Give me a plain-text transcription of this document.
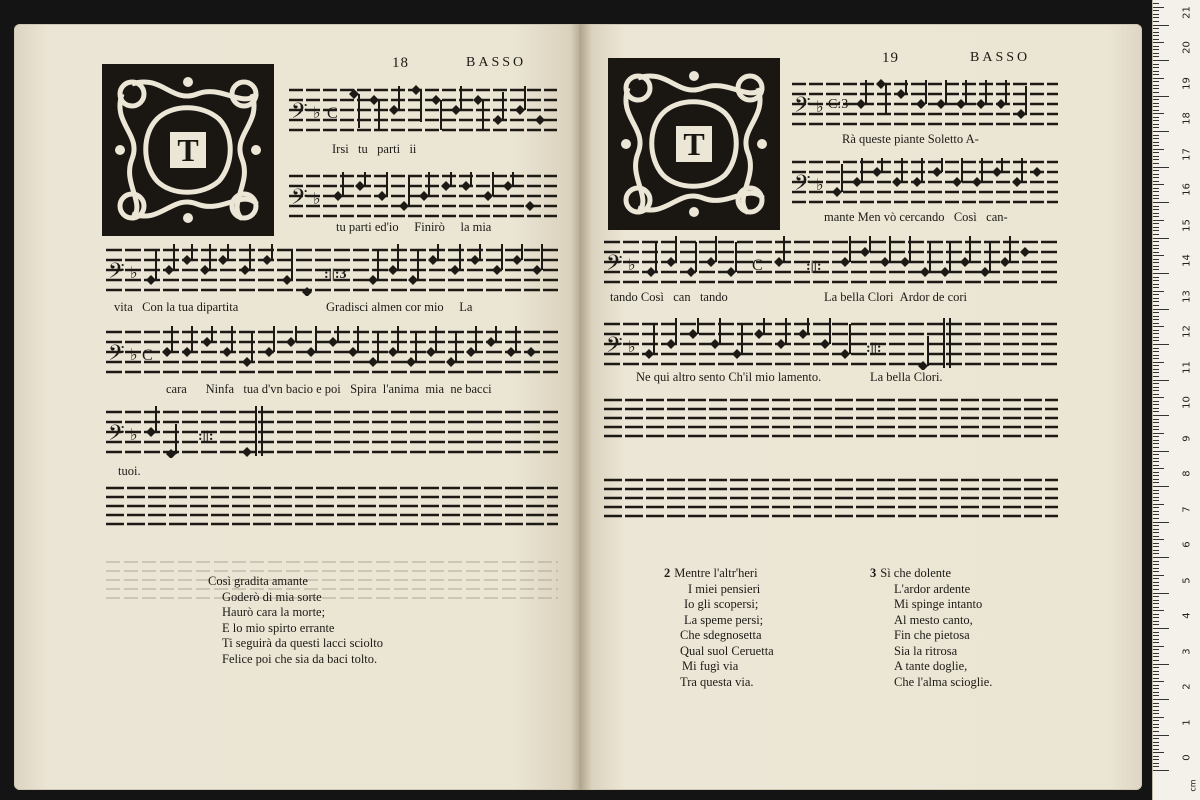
18	BASSO
T
𝄢 ♭ C
Irsi tu parti ii
𝄢 ♭
tu parti ed'io Finirò la mia
𝄢 ♭	:||:3
vita Con la tua dipartita	Gradisci almen cor mio La
𝄢 ♭ C
cara Ninfa tua d'vn bacio e poi Spira l'anima mia ne bacci
𝄢 ♭	:||:
tuoi.
Così gradita amante
Goderò di mia sorte
Haurò cara la morte;
E lo mio spirto errante
Ti seguirà da questi lacci sciolto
Felice poi che sia da baci tolto.
19	BASSO
T
𝄢 ♭ C:3
Rà queste piante Soletto A-
𝄢 ♭
mante Men vò cercando Così can-
𝄢 ♭	C	:||:
tando Così can tando	La bella Clori Ardor de cori
𝄢 ♭	:||:
Ne qui altro sento Ch'il mio lamento.	La bella Clori.
2 Mentre l'altr'heri
I miei pensieri
Io gli scopersi;
La speme persi;
Che sdegnosetta
Qual suol Ceruetta
Mi fugì via
Tra questa via.
3 Sì che dolente
L'ardor ardente
Mi spinge intanto
Al mesto canto,
Fin che pietosa
Sia la ritrosa
A tante doglie,
Che l'alma scioglie.
cm
0
1
2
3
4
5
6
7
8
9
10
11
12
13
14
15
16
17
18
19
20
21
